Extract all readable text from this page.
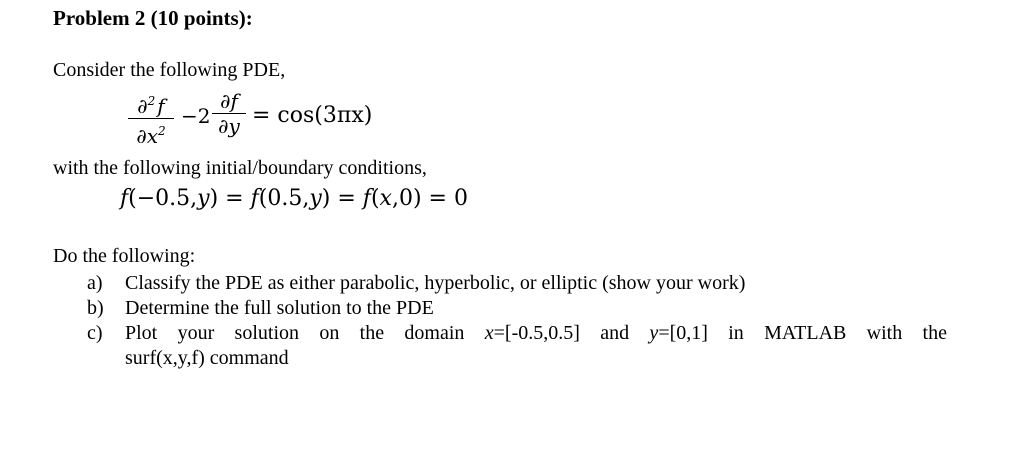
Problem 2 (10 points):
Consider the following PDE,
∂$^2$  f
$\partial x^2$
−2
∂f
∂y = cos(3πx)
with the following initial/boundary conditions,
f(−0.5,y) = f(0.5,y) = f(x,0) = 0
Do the following:
a) Classify the PDE as either parabolic, hyperbolic, or elliptic (show your work)
b) Determine the full solution to the PDE
c) Plot your solution on the domain x=[-0.5,0.5] and y=[0,1] in MATLAB with the
surf(x,y,f) command
